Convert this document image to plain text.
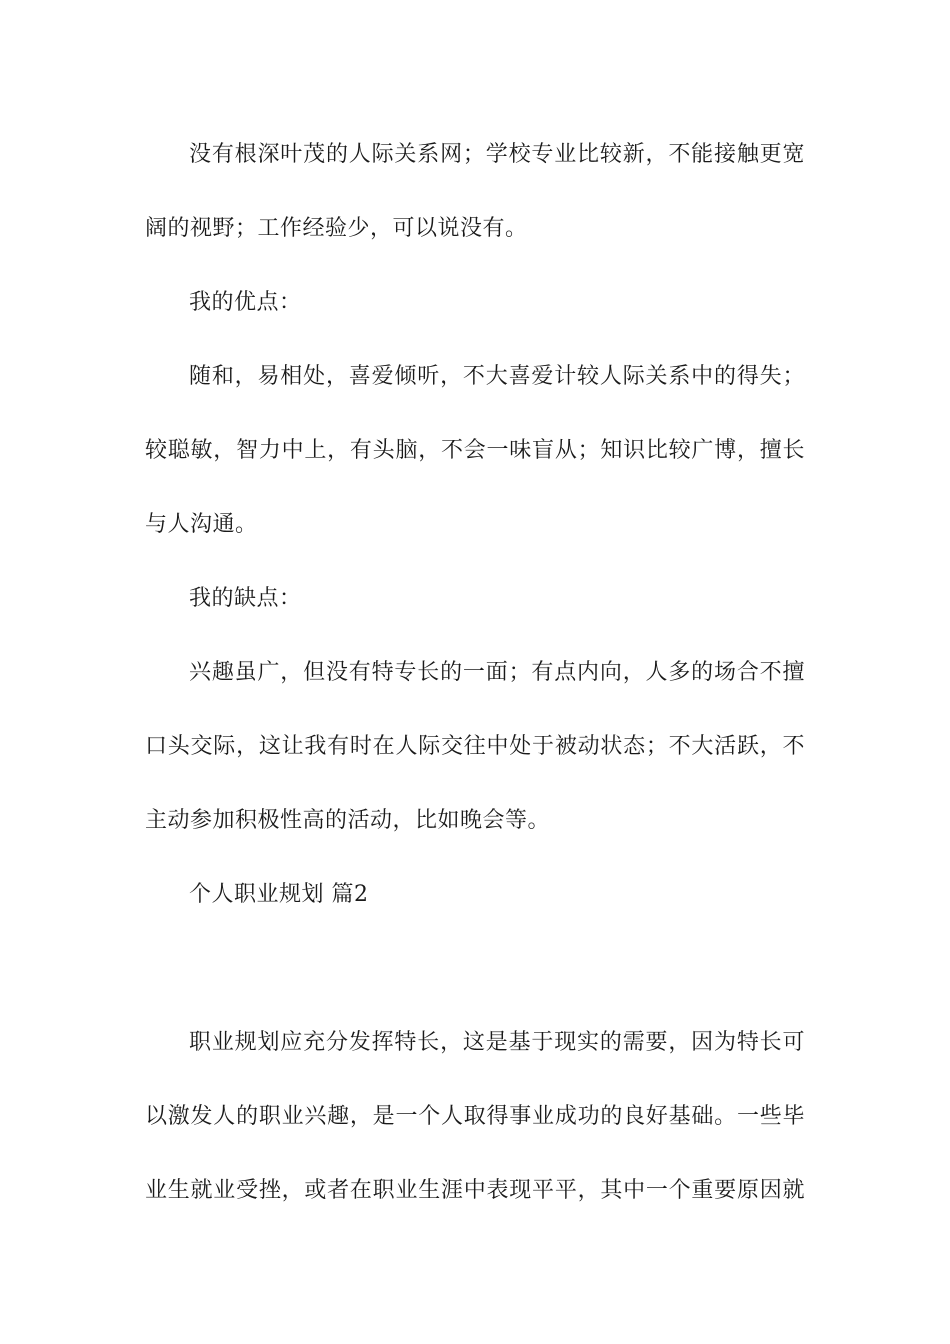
没有根深叶茂的人际关系网；学校专业比较新，不能接触更宽
阔的视野；工作经验少，可以说没有。
我的优点：
随和，易相处，喜爱倾听，不大喜爱计较人际关系中的得失；
较聪敏，智力中上，有头脑，不会一味盲从；知识比较广博，擅长
与人沟通。
我的缺点：
兴趣虽广，但没有特专长的一面；有点内向，人多的场合不擅
口头交际，这让我有时在人际交往中处于被动状态；不大活跃，不
主动参加积极性高的活动，比如晚会等。
个人职业规划 篇2
职业规划应充分发挥特长，这是基于现实的需要，因为特长可
以激发人的职业兴趣，是一个人取得事业成功的良好基础。一些毕
业生就业受挫，或者在职业生涯中表现平平，其中一个重要原因就
